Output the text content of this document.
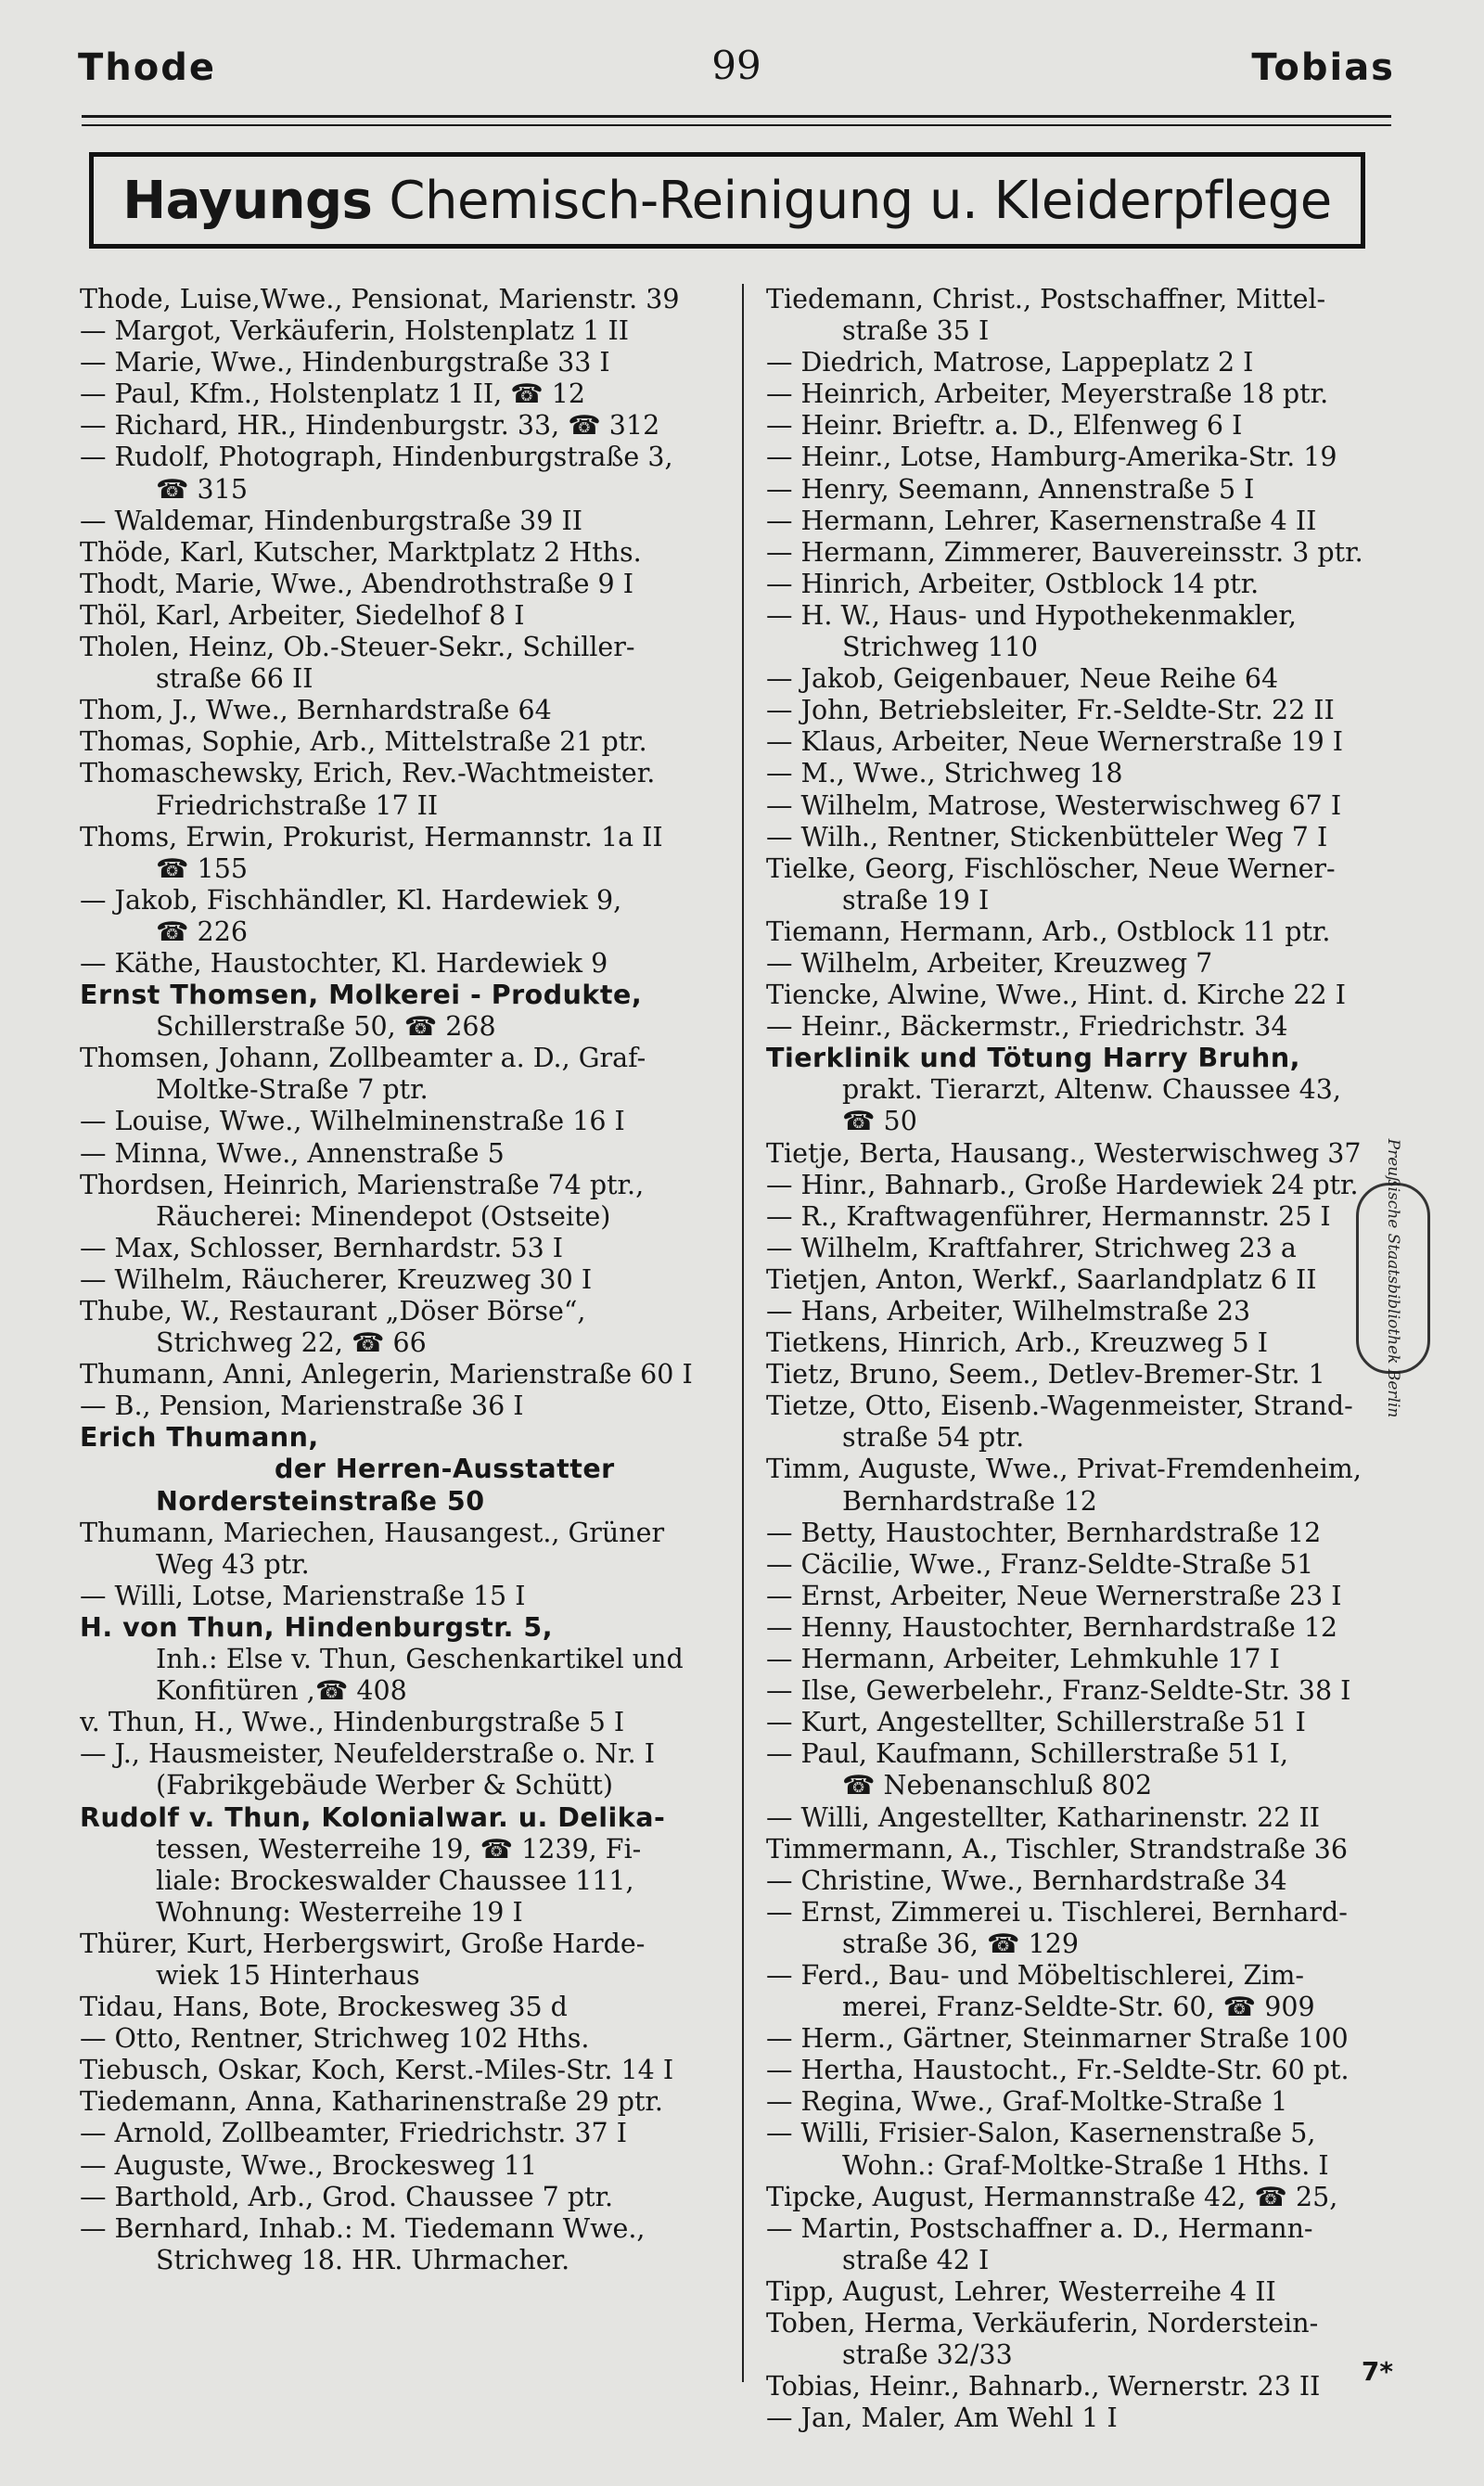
Thode	99	Tobias
Hayungs Chemisch-Reinigung u. Kleiderpflege
Thode, Luise,Wwe., Pensionat, Marienstr. 39
— Margot, Verkäuferin, Holstenplatz 1 II
— Marie, Wwe., Hindenburgstraße 33 I
— Paul, Kfm., Holstenplatz 1 II, ☎ 12
— Richard, HR., Hindenburgstr. 33, ☎ 312
— Rudolf, Photograph, Hindenburgstraße 3,
☎ 315
— Waldemar, Hindenburgstraße 39 II
Thöde, Karl, Kutscher, Marktplatz 2 Hths.
Thodt, Marie, Wwe., Abendrothstraße 9 I
Thöl, Karl, Arbeiter, Siedelhof 8 I
Tholen, Heinz, Ob.-Steuer-Sekr., Schiller-
straße 66 II
Thom, J., Wwe., Bernhardstraße 64
Thomas, Sophie, Arb., Mittelstraße 21 ptr.
Thomaschewsky, Erich, Rev.-Wachtmeister.
Friedrichstraße 17 II
Thoms, Erwin, Prokurist, Hermannstr. 1a II
☎ 155
— Jakob, Fischhändler, Kl. Hardewiek 9,
☎ 226
— Käthe, Haustochter, Kl. Hardewiek 9
Ernst Thomsen, Molkerei - Produkte,
Schillerstraße 50, ☎ 268
Thomsen, Johann, Zollbeamter a. D., Graf-
Moltke-Straße 7 ptr.
— Louise, Wwe., Wilhelminenstraße 16 I
— Minna, Wwe., Annenstraße 5
Thordsen, Heinrich, Marienstraße 74 ptr.,
Räucherei: Minendepot (Ostseite)
— Max, Schlosser, Bernhardstr. 53 I
— Wilhelm, Räucherer, Kreuzweg 30 I
Thube, W., Restaurant „Döser Börse“,
Strichweg 22, ☎ 66
Thumann, Anni, Anlegerin, Marienstraße 60 I
— B., Pension, Marienstraße 36 I
Erich Thumann,
der Herren-Ausstatter
Nordersteinstraße 50
Thumann, Mariechen, Hausangest., Grüner
Weg 43 ptr.
— Willi, Lotse, Marienstraße 15 I
H. von Thun, Hindenburgstr. 5,
Inh.: Else v. Thun, Geschenkartikel und
Konfitüren ,☎ 408
v. Thun, H., Wwe., Hindenburgstraße 5 I
— J., Hausmeister, Neufelderstraße o. Nr. I
(Fabrikgebäude Werber & Schütt)
Rudolf v. Thun, Kolonialwar. u. Delika-
tessen, Westerreihe 19, ☎ 1239, Fi-
liale: Brockeswalder Chaussee 111,
Wohnung: Westerreihe 19 I
Thürer, Kurt, Herbergswirt, Große Harde-
wiek 15 Hinterhaus
Tidau, Hans, Bote, Brockesweg 35 d
— Otto, Rentner, Strichweg 102 Hths.
Tiebusch, Oskar, Koch, Kerst.-Miles-Str. 14 I
Tiedemann, Anna, Katharinenstraße 29 ptr.
— Arnold, Zollbeamter, Friedrichstr. 37 I
— Auguste, Wwe., Brockesweg 11
— Barthold, Arb., Grod. Chaussee 7 ptr.
— Bernhard, Inhab.: M. Tiedemann Wwe.,
Strichweg 18. HR. Uhrmacher.
Tiedemann, Christ., Postschaffner, Mittel-
straße 35 I
— Diedrich, Matrose, Lappeplatz 2 I
— Heinrich, Arbeiter, Meyerstraße 18 ptr.
— Heinr. Brieftr. a. D., Elfenweg 6 I
— Heinr., Lotse, Hamburg-Amerika-Str. 19
— Henry, Seemann, Annenstraße 5 I
— Hermann, Lehrer, Kasernenstraße 4 II
— Hermann, Zimmerer, Bauvereinsstr. 3 ptr.
— Hinrich, Arbeiter, Ostblock 14 ptr.
— H. W., Haus- und Hypothekenmakler,
Strichweg 110
— Jakob, Geigenbauer, Neue Reihe 64
— John, Betriebsleiter, Fr.-Seldte-Str. 22 II
— Klaus, Arbeiter, Neue Wernerstraße 19 I
— M., Wwe., Strichweg 18
— Wilhelm, Matrose, Westerwischweg 67 I
— Wilh., Rentner, Stickenbütteler Weg 7 I
Tielke, Georg, Fischlöscher, Neue Werner-
straße 19 I
Tiemann, Hermann, Arb., Ostblock 11 ptr.
— Wilhelm, Arbeiter, Kreuzweg 7
Tiencke, Alwine, Wwe., Hint. d. Kirche 22 I
— Heinr., Bäckermstr., Friedrichstr. 34
Tierklinik und Tötung Harry Bruhn,
prakt. Tierarzt, Altenw. Chaussee 43,
☎ 50
Tietje, Berta, Hausang., Westerwischweg 37
— Hinr., Bahnarb., Große Hardewiek 24 ptr.
— R., Kraftwagenführer, Hermannstr. 25 I
— Wilhelm, Kraftfahrer, Strichweg 23 a
Tietjen, Anton, Werkf., Saarlandplatz 6 II
— Hans, Arbeiter, Wilhelmstraße 23
Tietkens, Hinrich, Arb., Kreuzweg 5 I
Tietz, Bruno, Seem., Detlev-Bremer-Str. 1
Tietze, Otto, Eisenb.-Wagenmeister, Strand-
straße 54 ptr.
Timm, Auguste, Wwe., Privat-Fremdenheim,
Bernhardstraße 12
— Betty, Haustochter, Bernhardstraße 12
— Cäcilie, Wwe., Franz-Seldte-Straße 51
— Ernst, Arbeiter, Neue Wernerstraße 23 I
— Henny, Haustochter, Bernhardstraße 12
— Hermann, Arbeiter, Lehmkuhle 17 I
— Ilse, Gewerbelehr., Franz-Seldte-Str. 38 I
— Kurt, Angestellter, Schillerstraße 51 I
— Paul, Kaufmann, Schillerstraße 51 I,
☎ Nebenanschluß 802
— Willi, Angestellter, Katharinenstr. 22 II
Timmermann, A., Tischler, Strandstraße 36
— Christine, Wwe., Bernhardstraße 34
— Ernst, Zimmerei u. Tischlerei, Bernhard-
straße 36, ☎ 129
— Ferd., Bau- und Möbeltischlerei, Zim-
merei, Franz-Seldte-Str. 60, ☎ 909
— Herm., Gärtner, Steinmarner Straße 100
— Hertha, Haustocht., Fr.-Seldte-Str. 60 pt.
— Regina, Wwe., Graf-Moltke-Straße 1
— Willi, Frisier-Salon, Kasernenstraße 5,
Wohn.: Graf-Moltke-Straße 1 Hths. I
Tipcke, August, Hermannstraße 42, ☎ 25,
— Martin, Postschaffner a. D., Hermann-
straße 42 I
Tipp, August, Lehrer, Westerreihe 4 II
Toben, Herma, Verkäuferin, Norderstein-
straße 32/33
Tobias, Heinr., Bahnarb., Wernerstr. 23 II
— Jan, Maler, Am Wehl 1 I
Preußische Staatsbibliothek Berlin
7*
